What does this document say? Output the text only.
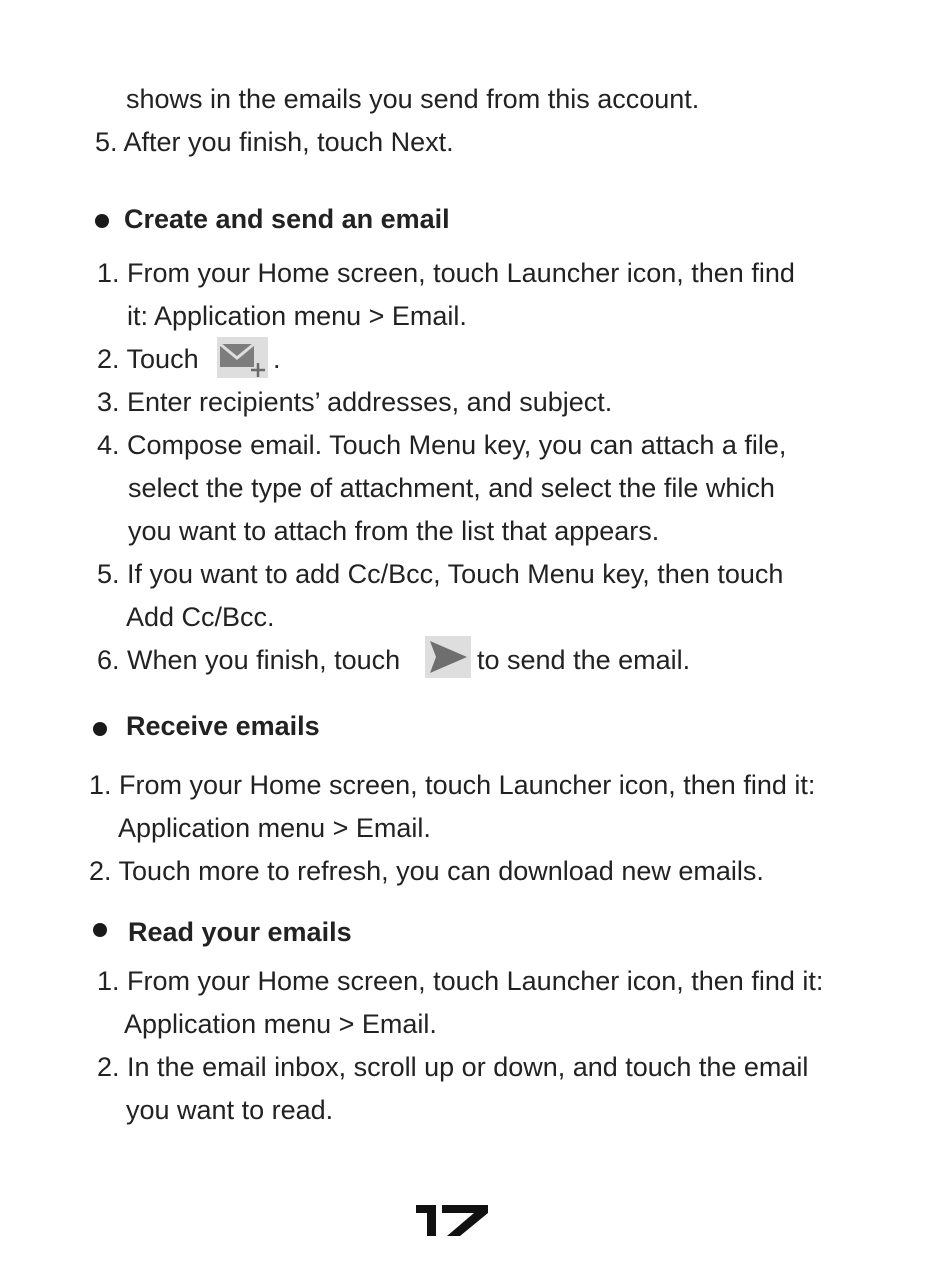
shows in the emails you send from this account.
5. After you finish, touch Next.
Create and send an email
1. From your Home screen, touch Launcher icon, then find
it: Application menu > Email.
2. Touch	.
3. Enter recipients’ addresses, and subject.
4. Compose email. Touch Menu key, you can attach a file,
select the type of attachment, and select the file which
you want to attach from the list that appears.
5. If you want to add Cc/Bcc, Touch Menu key, then touch
Add Cc/Bcc.
6. When you finish, touch	to send the email.
Receive emails
1. From your Home screen, touch Launcher icon, then find it:
Application menu > Email.
2. Touch more to refresh, you can download new emails.
Read your emails
1. From your Home screen, touch Launcher icon, then find it:
Application menu > Email.
2. In the email inbox, scroll up or down, and touch the email
you want to read.
